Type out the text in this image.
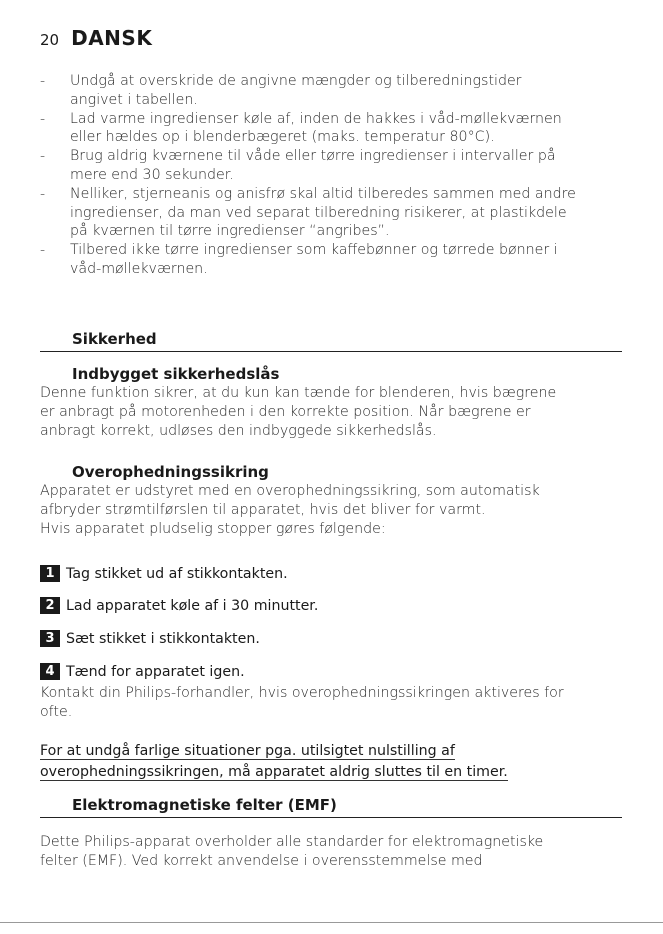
20 DANSK
- Undgå at overskride de angivne mængder og tilberedningstider
angivet i tabellen.
- Lad varme ingredienser køle af, inden de hakkes i våd-møllekværnen
eller hældes op i blenderbægeret (maks. temperatur 80°C).
- Brug aldrig kværnene til våde eller tørre ingredienser i intervaller på
mere end 30 sekunder.
- Nelliker, stjerneanis og anisfrø skal altid tilberedes sammen med andre
ingredienser, da man ved separat tilberedning risikerer, at plastikdele
på kværnen til tørre ingredienser “angribes”.
- Tilbered ikke tørre ingredienser som kaffebønner og tørrede bønner i
våd-møllekværnen.
Sikkerhed
Indbygget sikkerhedslås

Denne funktion sikrer, at du kun kan tænde for blenderen, hvis bægrene
er anbragt på motorenheden i den korrekte position. Når bægrene er
anbragt korrekt, udløses den indbyggede sikkerhedslås.

Overophedningssikring

Apparatet er udstyret med en overophedningssikring, som automatisk
afbryder strømtilførslen til apparatet, hvis det bliver for varmt.
Hvis apparatet pludselig stopper gøres følgende:

1 Tag stikket ud af stikkontakten.
2 Lad apparatet køle af i 30 minutter.
3 Sæt stikket i stikkontakten.
4 Tænd for apparatet igen.

Kontakt din Philips-forhandler, hvis overophedningssikringen aktiveres for
ofte.

For at undgå farlige situationer pga. utilsigtet nulstilling af
overophedningssikringen, må apparatet aldrig sluttes til en timer.
Elektromagnetiske felter (EMF)

Dette Philips-apparat overholder alle standarder for elektromagnetiske
felter (EMF). Ved korrekt anvendelse i overensstemmelse med
